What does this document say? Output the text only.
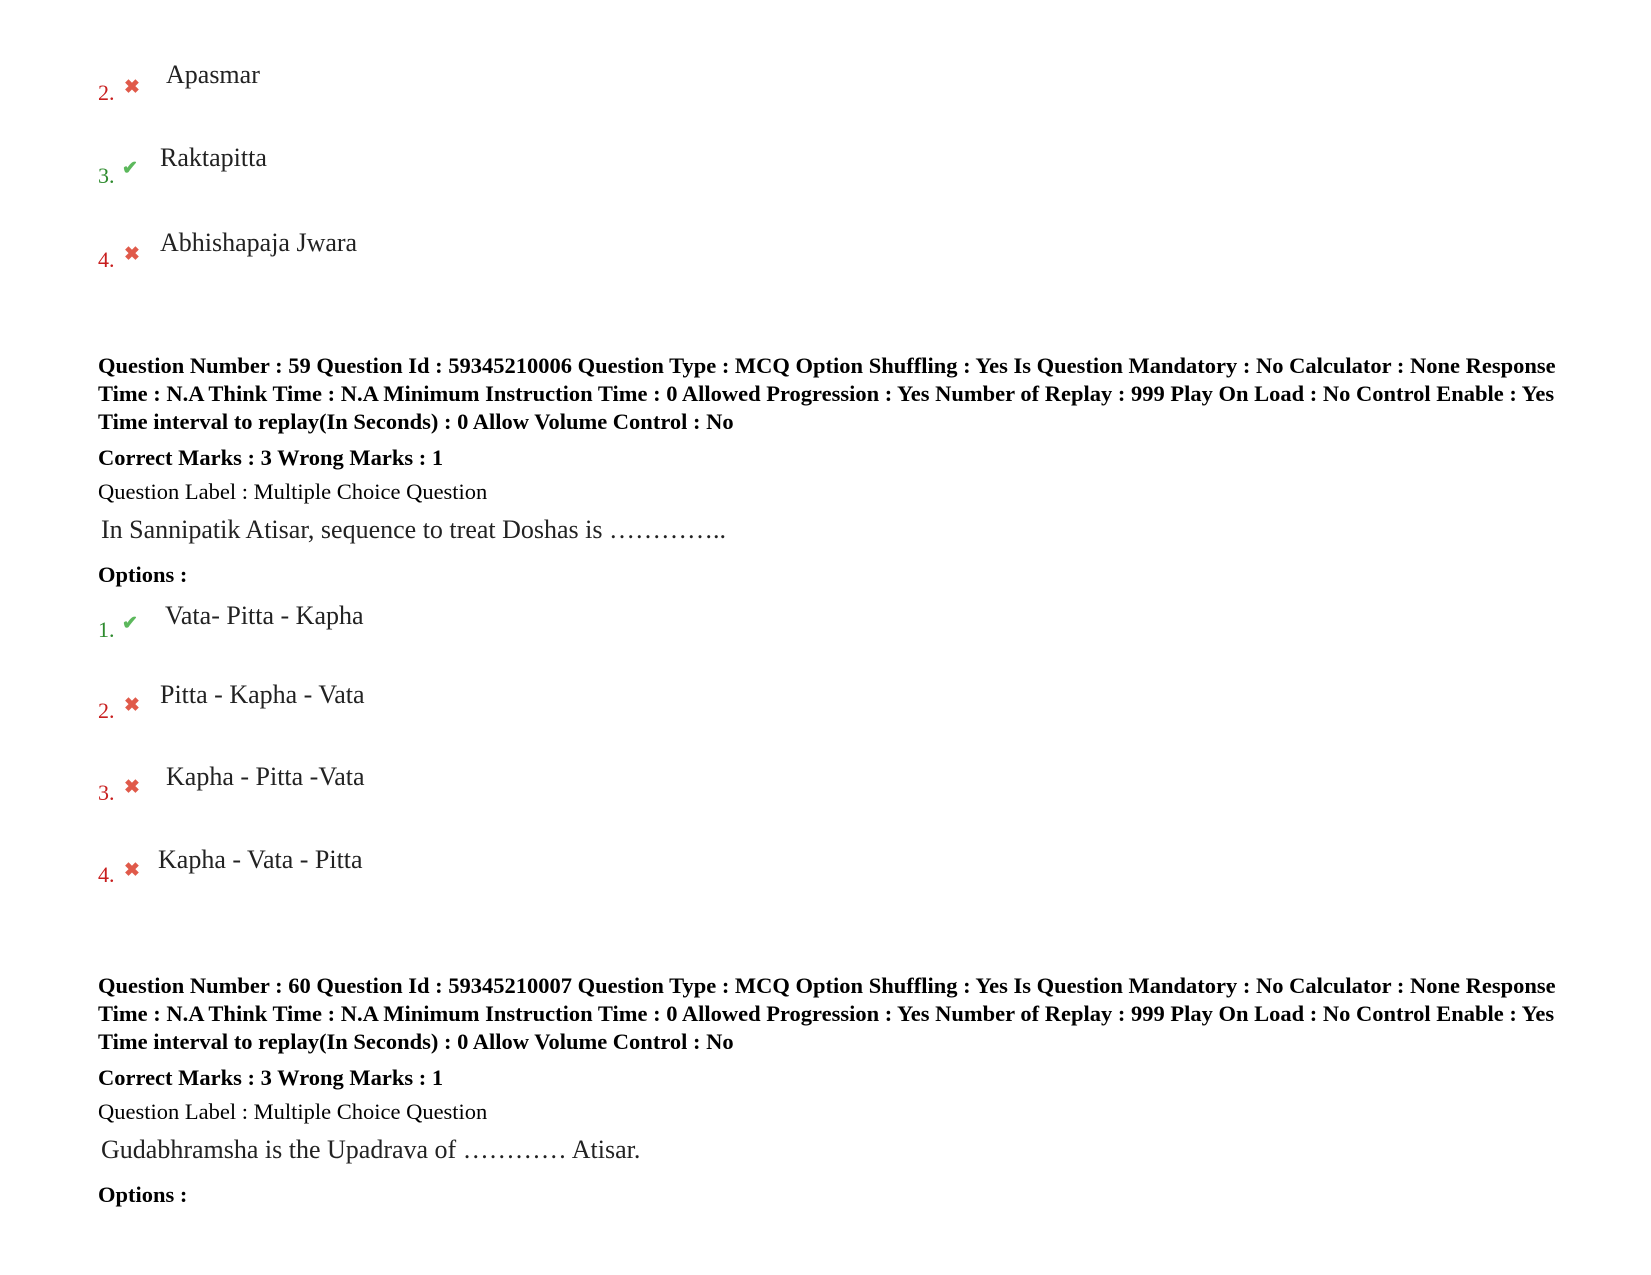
2. ✖ Apasmar
3. ✔ Raktapitta
4. ✖ Abhishapaja Jwara
Question Number : 59 Question Id : 59345210006 Question Type : MCQ Option Shuffling : Yes Is Question Mandatory : No Calculator : None Response Time : N.A Think Time : N.A Minimum Instruction Time : 0 Allowed Progression : Yes Number of Replay : 999 Play On Load : No Control Enable : Yes Time interval to replay(In Seconds) : 0 Allow Volume Control : No
Correct Marks : 3 Wrong Marks : 1
Question Label : Multiple Choice Question
In Sannipatik Atisar, sequence to treat Doshas is …………..
Options :
1. ✔ Vata- Pitta - Kapha
2. ✖ Pitta - Kapha - Vata
3. ✖ Kapha - Pitta -Vata
4. ✖ Kapha - Vata - Pitta
Question Number : 60 Question Id : 59345210007 Question Type : MCQ Option Shuffling : Yes Is Question Mandatory : No Calculator : None Response Time : N.A Think Time : N.A Minimum Instruction Time : 0 Allowed Progression : Yes Number of Replay : 999 Play On Load : No Control Enable : Yes Time interval to replay(In Seconds) : 0 Allow Volume Control : No
Correct Marks : 3 Wrong Marks : 1
Question Label : Multiple Choice Question
Gudabhramsha is the Upadrava of ………… Atisar.
Options :
